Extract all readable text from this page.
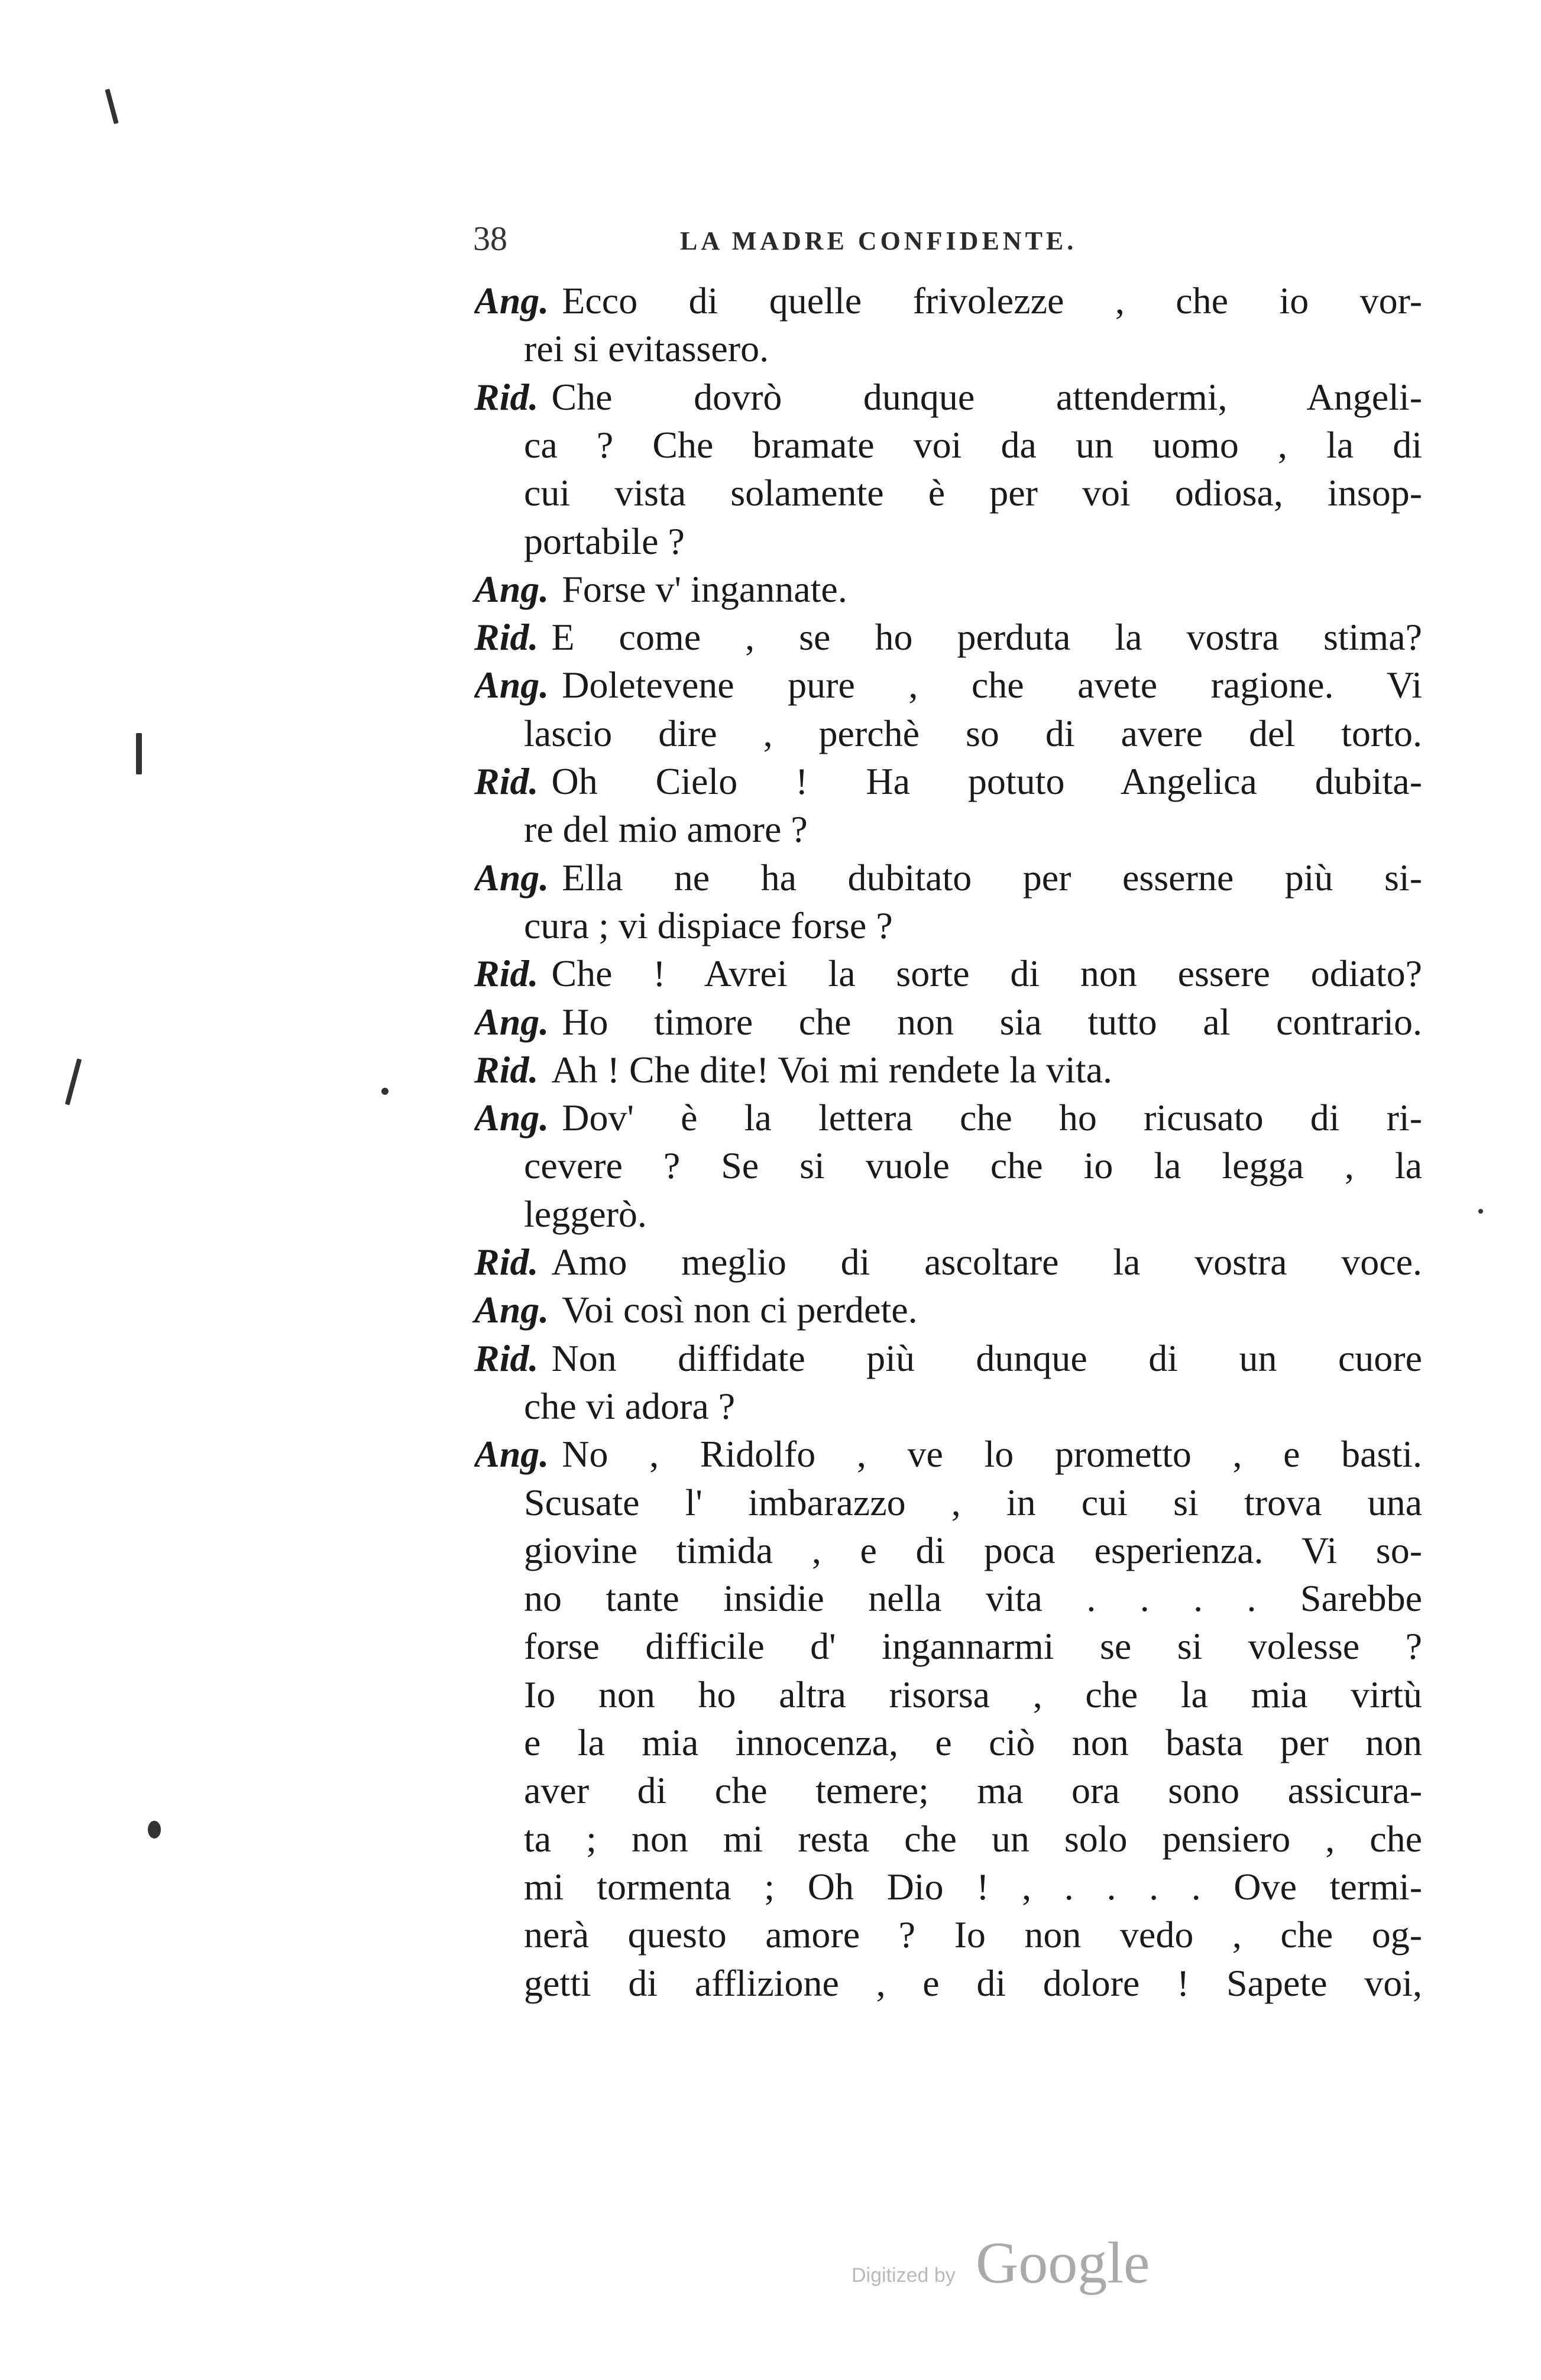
38	LA MADRE CONFIDENTE.
Ang. Ecco di quelle frivolezze , che io vor-
rei si evitassero.
Rid. Che dovrò dunque attendermi, Angeli-
ca ? Che bramate voi da un uomo , la di
cui vista solamente è per voi odiosa, insop-
portabile ?
Ang. Forse v' ingannate.
Rid. E come , se ho perduta la vostra stima?
Ang. Doletevene pure , che avete ragione. Vi
lascio dire , perchè so di avere del torto.
Rid. Oh Cielo ! Ha potuto Angelica dubita-
re del mio amore ?
Ang. Ella ne ha dubitato per esserne più si-
cura ; vi dispiace forse ?
Rid. Che ! Avrei la sorte di non essere odiato?
Ang. Ho timore che non sia tutto al contrario.
Rid. Ah ! Che dite! Voi mi rendete la vita.
Ang. Dov' è la lettera che ho ricusato di ri-
cevere ? Se si vuole che io la legga , la
leggerò.
Rid. Amo meglio di ascoltare la vostra voce.
Ang. Voi così non ci perdete.
Rid. Non diffidate più dunque di un cuore
che vi adora ?
Ang. No , Ridolfo , ve lo prometto , e basti.
Scusate l' imbarazzo , in cui si trova una
giovine timida , e di poca esperienza. Vi so-
no tante insidie nella vita . . . . Sarebbe
forse difficile d' ingannarmi se si volesse ?
Io non ho altra risorsa , che la mia virtù
e la mia innocenza, e ciò non basta per non
aver di che temere; ma ora sono assicura-
ta ; non mi resta che un solo pensiero , che
mi tormenta ; Oh Dio ! , . . . . Ove termi-
nerà questo amore ? Io non vedo , che og-
getti di afflizione , e di dolore ! Sapete voi,
Digitized by Google
